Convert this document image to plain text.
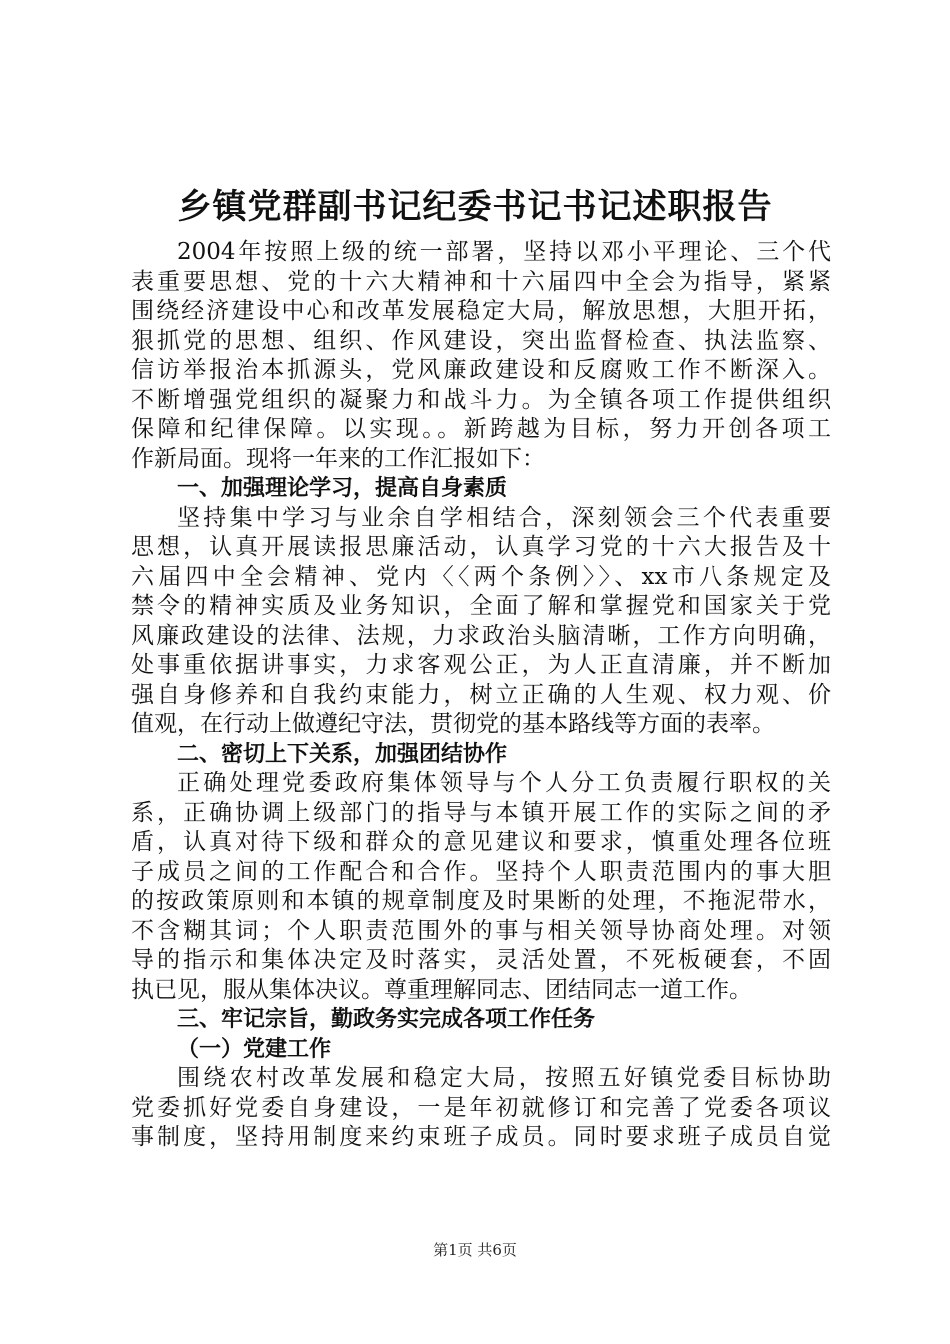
乡镇党群副书记纪委书记书记述职报告
2004年按照上级的统一部署，坚持以邓小平理论、三个代
表重要思想、党的十六大精神和十六届四中全会为指导，紧紧
围绕经济建设中心和改革发展稳定大局，解放思想，大胆开拓，
狠抓党的思想、组织、作风建设，突出监督检查、执法监察、
信访举报治本抓源头，党风廉政建设和反腐败工作不断深入。
不断增强党组织的凝聚力和战斗力。为全镇各项工作提供组织
保障和纪律保障。以实现。。新跨越为目标，努力开创各项工
作新局面。现将一年来的工作汇报如下：
一、加强理论学习，提高自身素质
坚持集中学习与业余自学相结合，深刻领会三个代表重要
思想，认真开展读报思廉活动，认真学习党的十六大报告及十
六届四中全会精神、党内〈〈两个条例〉〉、xx市八条规定及
禁令的精神实质及业务知识，全面了解和掌握党和国家关于党
风廉政建设的法律、法规，力求政治头脑清晰，工作方向明确，
处事重依据讲事实，力求客观公正，为人正直清廉，并不断加
强自身修养和自我约束能力，树立正确的人生观、权力观、价
值观，在行动上做遵纪守法，贯彻党的基本路线等方面的表率。
二、密切上下关系，加强团结协作
正确处理党委政府集体领导与个人分工负责履行职权的关
系，正确协调上级部门的指导与本镇开展工作的实际之间的矛
盾，认真对待下级和群众的意见建议和要求，慎重处理各位班
子成员之间的工作配合和合作。坚持个人职责范围内的事大胆
的按政策原则和本镇的规章制度及时果断的处理，不拖泥带水，
不含糊其词；个人职责范围外的事与相关领导协商处理。对领
导的指示和集体决定及时落实，灵活处置，不死板硬套，不固
执已见，服从集体决议。尊重理解同志、团结同志一道工作。
三、牢记宗旨，勤政务实完成各项工作任务
（一）党建工作
围绕农村改革发展和稳定大局，按照五好镇党委目标协助
党委抓好党委自身建设，一是年初就修订和完善了党委各项议
事制度，坚持用制度来约束班子成员。同时要求班子成员自觉
第1页 共6页
